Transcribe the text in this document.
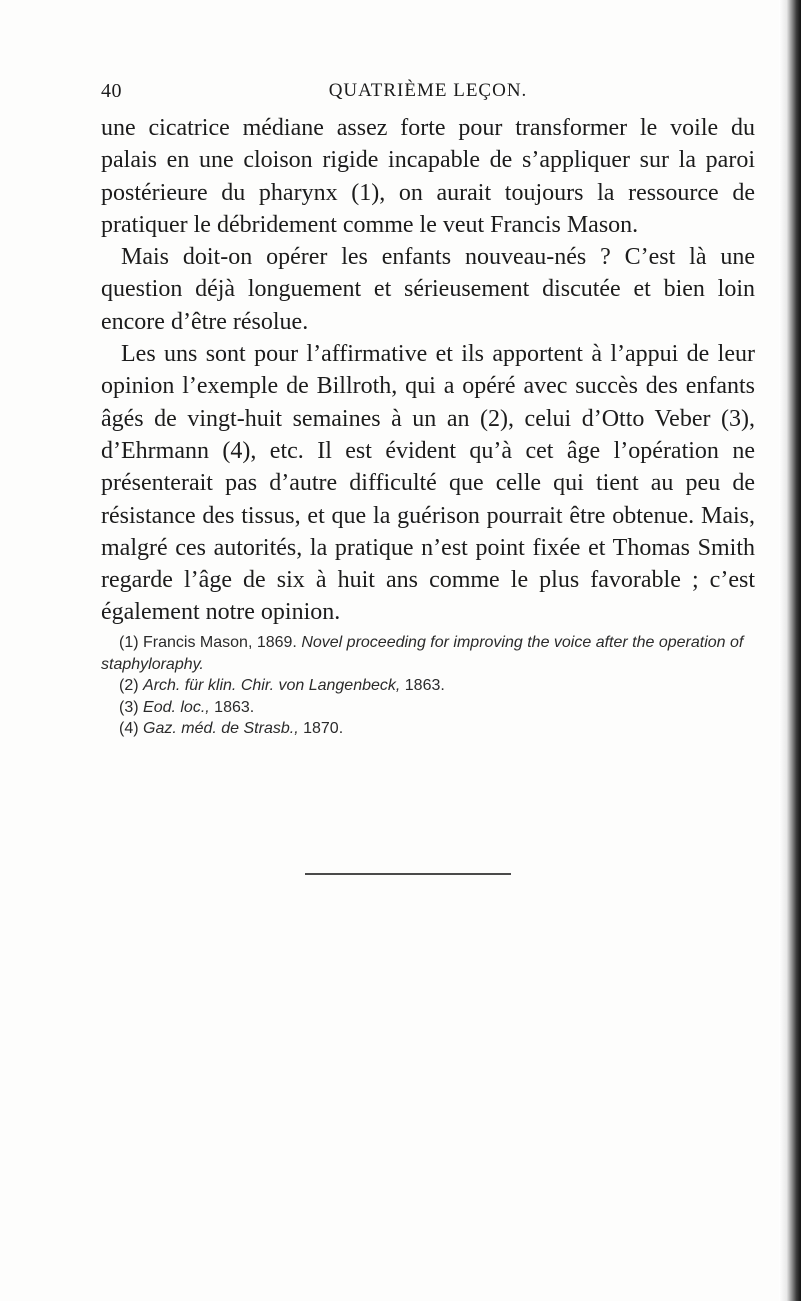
40	QUATRIÈME LEÇON.

une cicatrice médiane assez forte pour transformer le voile du palais en une cloison rigide incapable de s’appliquer sur la paroi postérieure du pharynx (1), on aurait toujours la ressource de pratiquer le débridement comme le veut Francis Mason.

Mais doit-on opérer les enfants nouveau-nés ? C’est là une question déjà longuement et sérieusement discutée et bien loin encore d’être résolue.

Les uns sont pour l’affirmative et ils apportent à l’appui de leur opinion l’exemple de Billroth, qui a opéré avec succès des enfants âgés de vingt-huit semaines à un an (2), celui d’Otto Veber (3), d’Ehrmann (4), etc. Il est évident qu’à cet âge l’opération ne présenterait pas d’autre difficulté que celle qui tient au peu de résistance des tissus, et que la guérison pourrait être obtenue. Mais, malgré ces autorités, la pratique n’est point fixée et Thomas Smith regarde l’âge de six à huit ans comme le plus favorable ; c’est également notre opinion.

(1) Francis Mason, 1869. Novel proceeding for improving the voice after the operation of staphyloraphy.

(2) Arch. für klin. Chir. von Langenbeck, 1863.

(3) Eod. loc., 1863.

(4) Gaz. méd. de Strasb., 1870.
